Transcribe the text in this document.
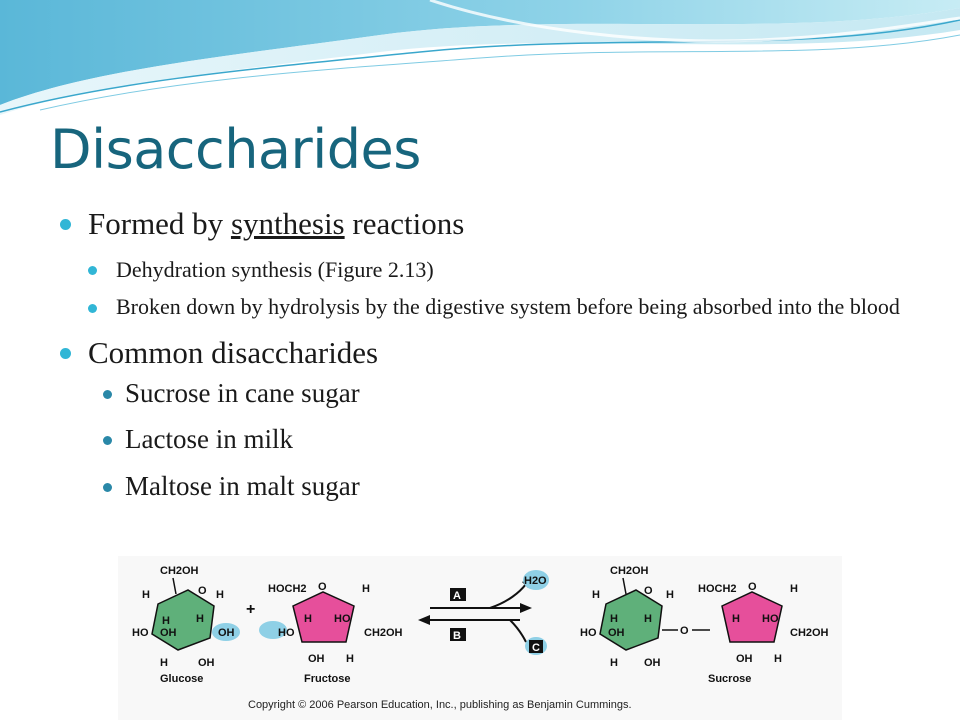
Disaccharides
Formed by synthesis reactions
Dehydration synthesis (Figure 2.13)
Broken down by hydrolysis by the digestive system before being absorbed into the blood
Common disaccharides
Sucrose in cane sugar
Lactose in milk
Maltose in malt sugar
CH2OH
O
H	H
H
OH
H
HO	OH
H	OH
Glucose
+
HOCH2 O	H
H HO
HO	CH2OH
OH H
Fructose
A
B
H2O
C
CH2OH
O
H	H
H
OH
H
HO	O
H OH
HOCH2 O	H
H HO
CH2OH
OH H
Sucrose
Copyright © 2006 Pearson Education, Inc., publishing as Benjamin Cummings.
